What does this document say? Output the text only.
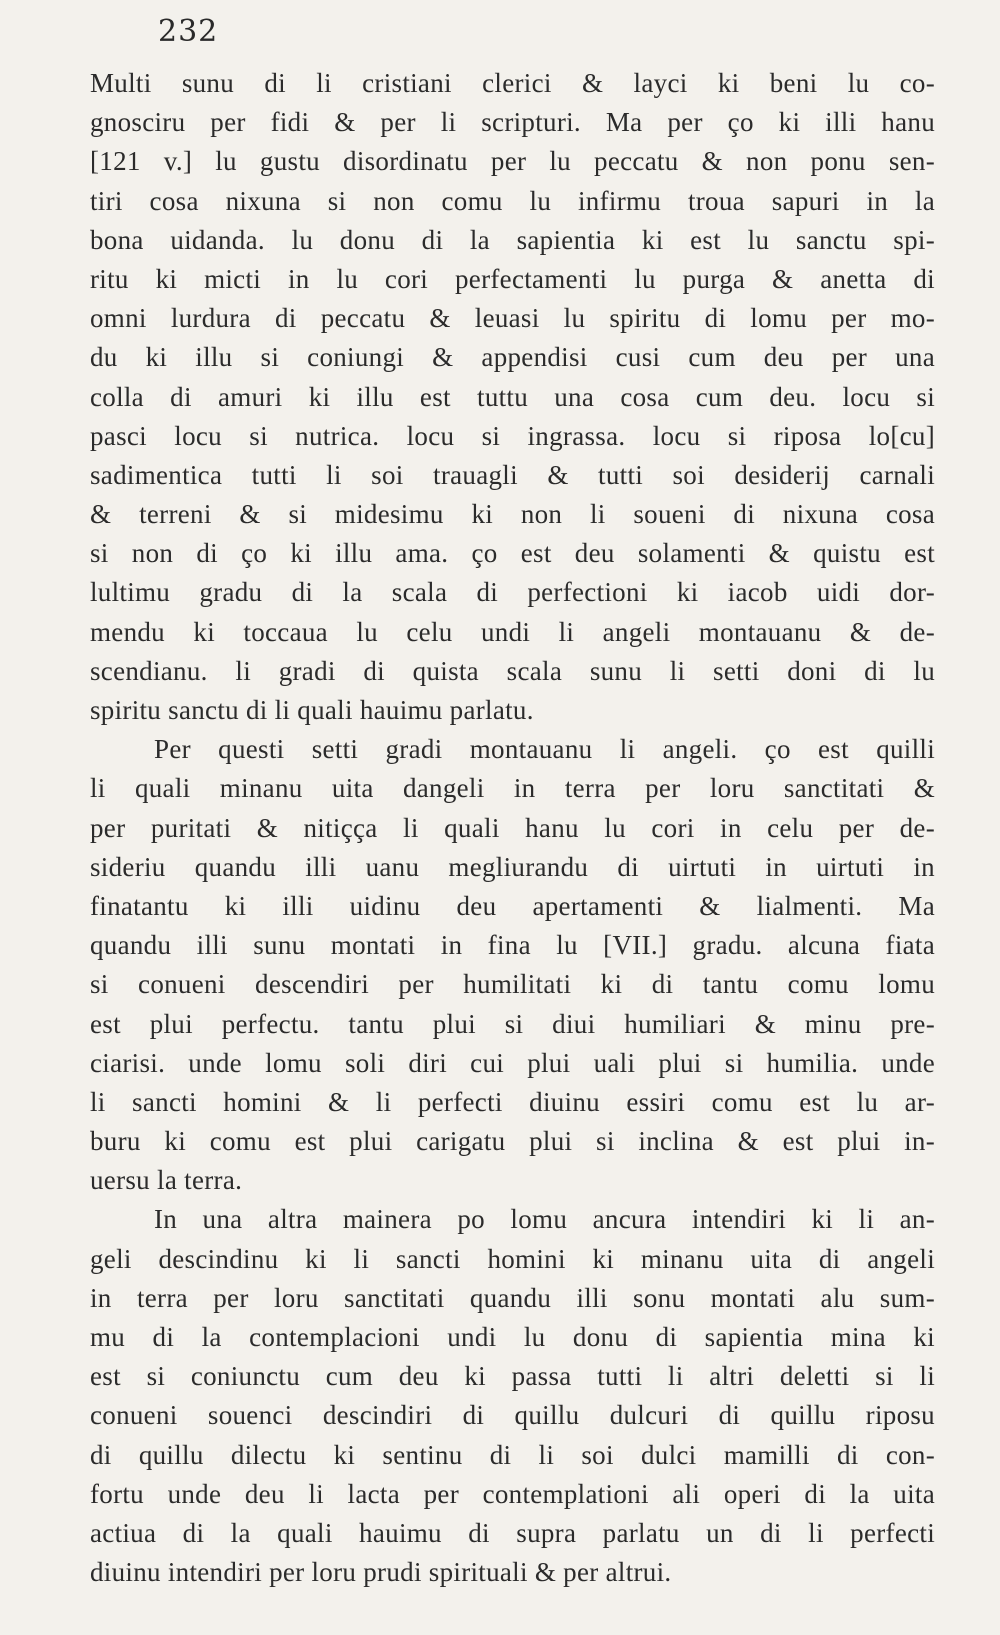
232
Multi sunu di li cristiani clerici & layci ki beni lu co-
gnosciru per fidi & per li scripturi. Ma per ço ki illi hanu
[121 v.] lu gustu disordinatu per lu peccatu & non ponu sen-
tiri cosa nixuna si non comu lu infirmu troua sapuri in la
bona uidanda. lu donu di la sapientia ki est lu sanctu spi-
ritu ki micti in lu cori perfectamenti lu purga & anetta di
omni lurdura di peccatu & leuasi lu spiritu di lomu per mo-
du ki illu si coniungi & appendisi cusi cum deu per una
colla di amuri ki illu est tuttu una cosa cum deu. locu si
pasci locu si nutrica. locu si ingrassa. locu si riposa lo[cu]
sadimentica tutti li soi trauagli & tutti soi desiderij carnali
& terreni & si midesimu ki non li soueni di nixuna cosa
si non di ço ki illu ama. ço est deu solamenti & quistu est
lultimu gradu di la scala di perfectioni ki iacob uidi dor-
mendu ki toccaua lu celu undi li angeli montauanu & de-
scendianu. li gradi di quista scala sunu li setti doni di lu
spiritu sanctu di li quali hauimu parlatu.
Per questi setti gradi montauanu li angeli. ço est quilli
li quali minanu uita dangeli in terra per loru sanctitati &
per puritati & nitiçça li quali hanu lu cori in celu per de-
sideriu quandu illi uanu megliurandu di uirtuti in uirtuti in
finatantu ki illi uidinu deu apertamenti & lialmenti. Ma
quandu illi sunu montati in fina lu [VII.] gradu. alcuna fiata
si conueni descendiri per humilitati ki di tantu comu lomu
est plui perfectu. tantu plui si diui humiliari & minu pre-
ciarisi. unde lomu soli diri cui plui uali plui si humilia. unde
li sancti homini & li perfecti diuinu essiri comu est lu ar-
buru ki comu est plui carigatu plui si inclina & est plui in-
uersu la terra.
In una altra mainera po lomu ancura intendiri ki li an-
geli descindinu ki li sancti homini ki minanu uita di angeli
in terra per loru sanctitati quandu illi sonu montati alu sum-
mu di la contemplacioni undi lu donu di sapientia mina ki
est si coniunctu cum deu ki passa tutti li altri deletti si li
conueni souenci descindiri di quillu dulcuri di quillu riposu
di quillu dilectu ki sentinu di li soi dulci mamilli di con-
fortu unde deu li lacta per contemplationi ali operi di la uita
actiua di la quali hauimu di supra parlatu un di li perfecti
diuinu intendiri per loru prudi spirituali & per altrui.
